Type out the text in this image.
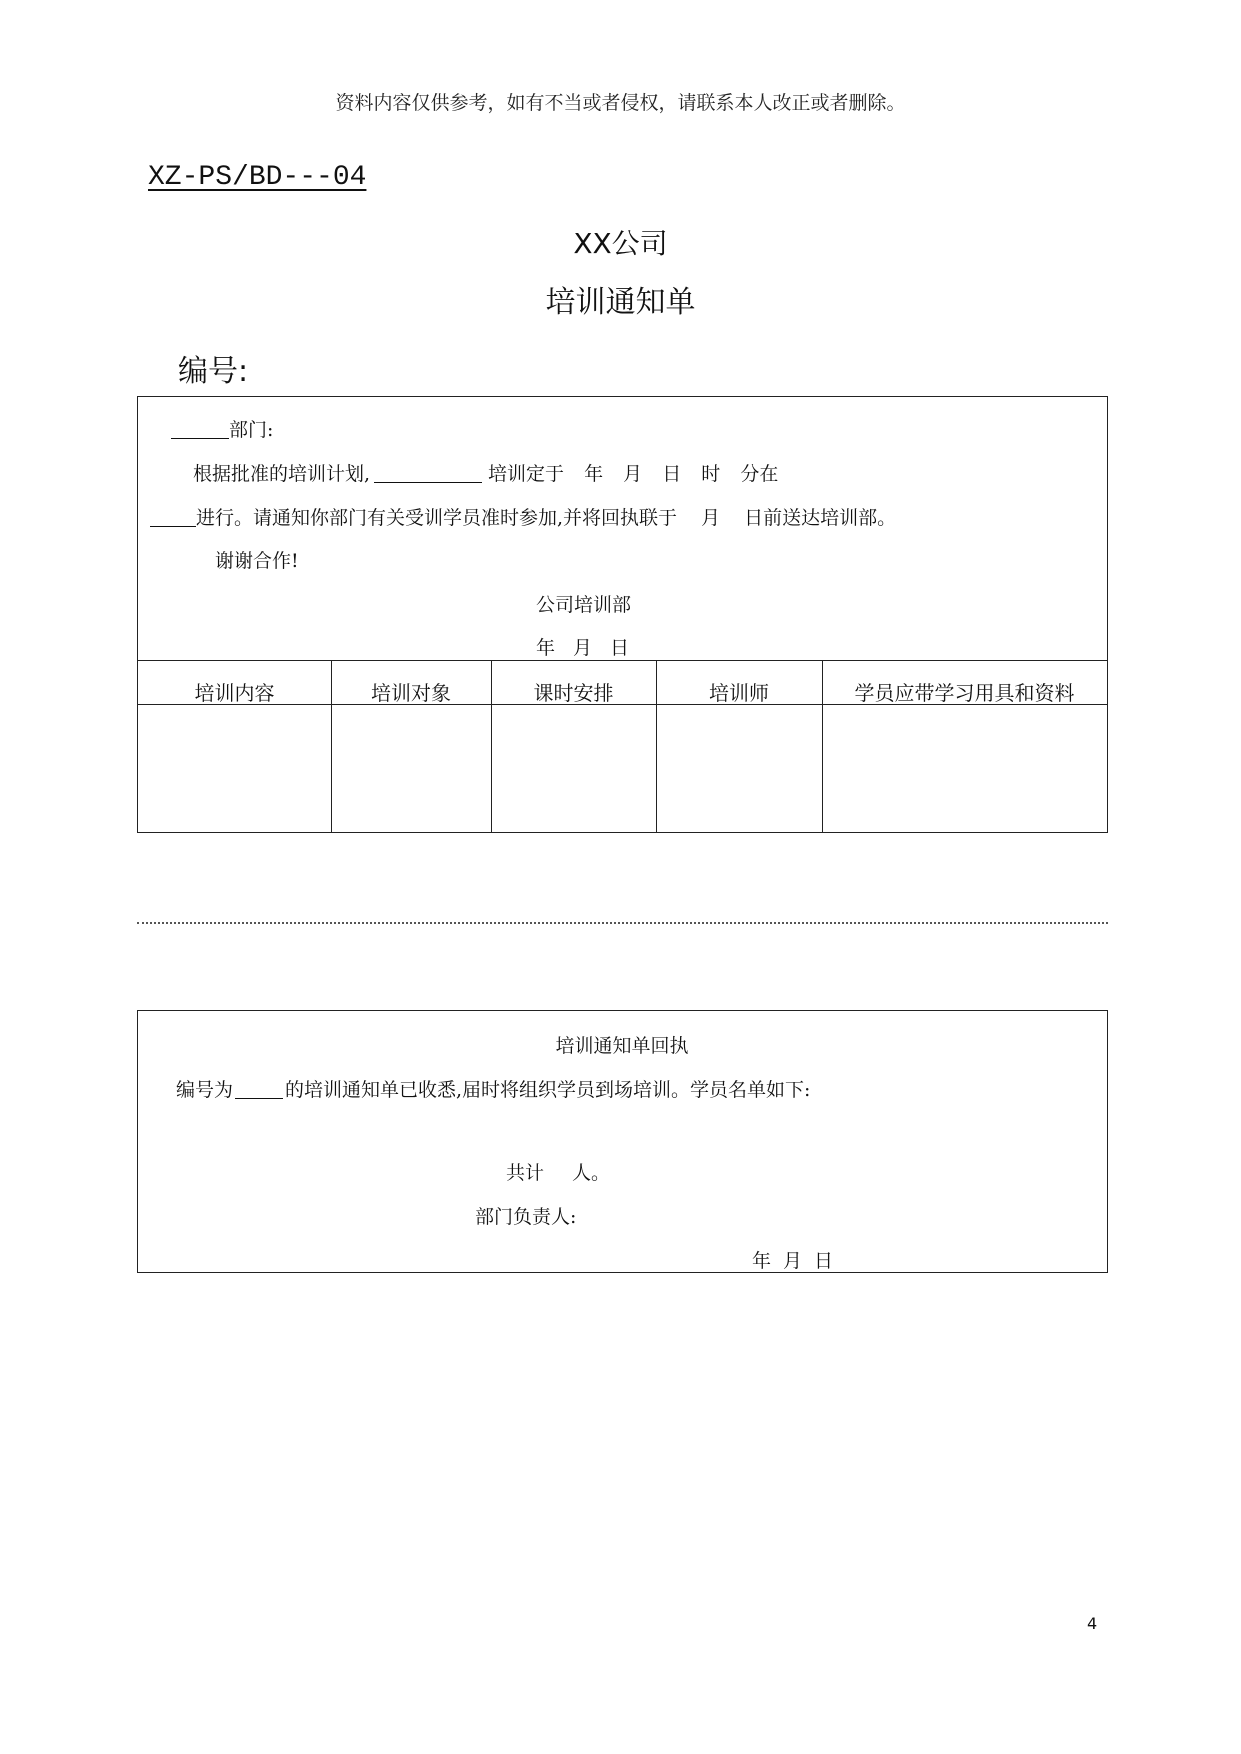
资料内容仅供参考，如有不当或者侵权，请联系本人改正或者删除。
XZ-PS/BD---04
XX公司
培训通知单
编号:
部门:
根据批准的培训计划,	培训定于 年 月 日 时 分在
进行。请通知你部门有关受训学员准时参加,并将回执联于 月 日前送达培训部。
谢谢合作!
公司培训部
年 月 日
培训内容	培训对象	课时安排	培训师	学员应带学习用具和资料
培训通知单回执
编号为	的培训通知单已收悉,届时将组织学员到场培训。学员名单如下:
共计 人。
部门负责人:
年 月 日
4
